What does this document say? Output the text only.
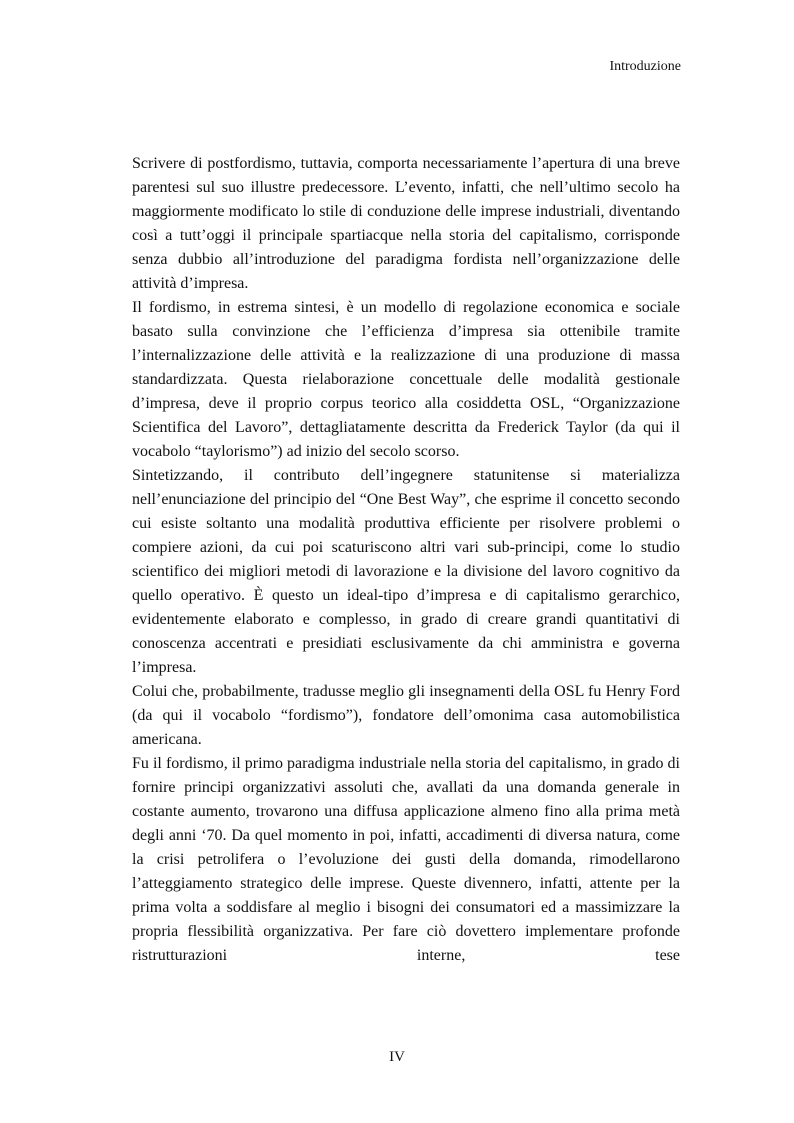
Introduzione

Scrivere di postfordismo, tuttavia, comporta necessariamente l’apertura di una breve parentesi sul suo illustre predecessore. L’evento, infatti, che nell’ultimo secolo ha maggiormente modificato lo stile di conduzione delle imprese industriali, diventando così a tutt’oggi il principale spartiacque nella storia del capitalismo, corrisponde senza dubbio all’introduzione del paradigma fordista nell’organizzazione delle attività d’impresa.

Il fordismo, in estrema sintesi, è un modello di regolazione economica e sociale basato sulla convinzione che l’efficienza d’impresa sia ottenibile tramite l’internalizzazione delle attività e la realizzazione di una produzione di massa standardizzata. Questa rielaborazione concettuale delle modalità gestionale d’impresa, deve il proprio corpus teorico alla cosiddetta OSL, “Organizzazione Scientifica del Lavoro”, dettagliatamente descritta da Frederick Taylor (da qui il vocabolo “taylorismo”) ad inizio del secolo scorso.

Sintetizzando, il contributo dell’ingegnere statunitense si materializza nell’enunciazione del principio del “One Best Way”, che esprime il concetto secondo cui esiste soltanto una modalità produttiva efficiente per risolvere problemi o compiere azioni, da cui poi scaturiscono altri vari sub-principi, come lo studio scientifico dei migliori metodi di lavorazione e la divisione del lavoro cognitivo da quello operativo. È questo un ideal-tipo d’impresa e di capitalismo gerarchico, evidentemente elaborato e complesso, in grado di creare grandi quantitativi di conoscenza accentrati e presidiati esclusivamente da chi amministra e governa l’impresa.

Colui che, probabilmente, tradusse meglio gli insegnamenti della OSL fu Henry Ford (da qui il vocabolo “fordismo”), fondatore dell’omonima casa automobilistica americana.

Fu il fordismo, il primo paradigma industriale nella storia del capitalismo, in grado di fornire principi organizzativi assoluti che, avallati da una domanda generale in costante aumento, trovarono una diffusa applicazione almeno fino alla prima metà degli anni ‘70. Da quel momento in poi, infatti, accadimenti di diversa natura, come la crisi petrolifera o l’evoluzione dei gusti della domanda, rimodellarono l’atteggiamento strategico delle imprese. Queste divennero, infatti, attente per la prima volta a soddisfare al meglio i bisogni dei consumatori ed a massimizzare la propria flessibilità organizzativa. Per fare ciò dovettero implementare profonde ristrutturazioni interne, tese

IV
